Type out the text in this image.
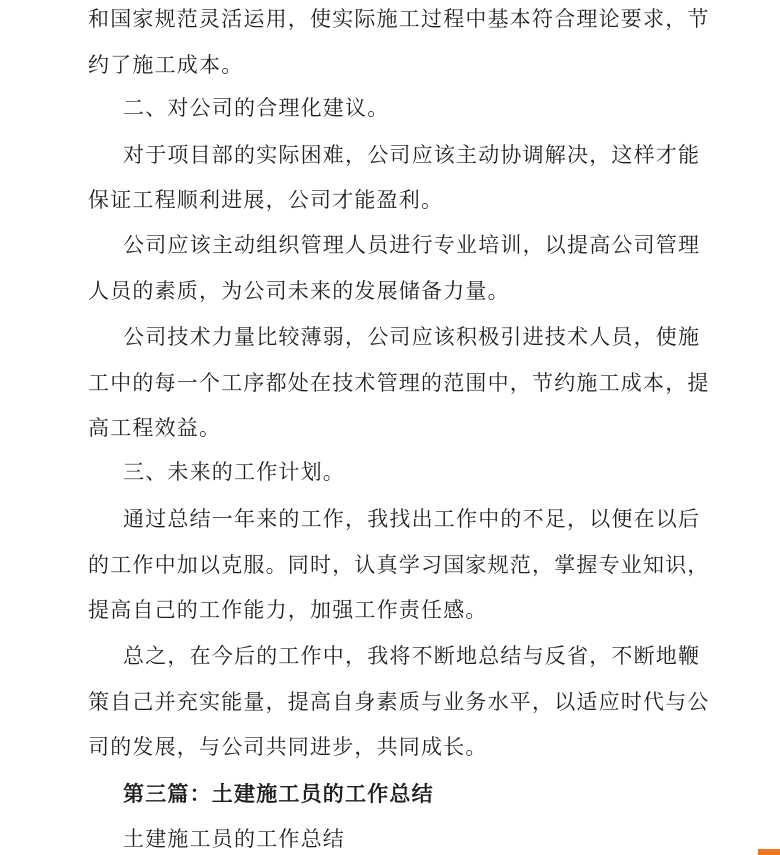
和国家规范灵活运用，使实际施工过程中基本符合理论要求，节
约了施工成本。
二、对公司的合理化建议。
对于项目部的实际困难，公司应该主动协调解决，这样才能
保证工程顺利进展，公司才能盈利。
公司应该主动组织管理人员进行专业培训，以提高公司管理
人员的素质，为公司未来的发展储备力量。
公司技术力量比较薄弱，公司应该积极引进技术人员，使施
工中的每一个工序都处在技术管理的范围中，节约施工成本，提
高工程效益。
三、未来的工作计划。
通过总结一年来的工作，我找出工作中的不足，以便在以后
的工作中加以克服。同时，认真学习国家规范，掌握专业知识，
提高自己的工作能力，加强工作责任感。
总之，在今后的工作中，我将不断地总结与反省，不断地鞭
策自己并充实能量，提高自身素质与业务水平，以适应时代与公
司的发展，与公司共同进步，共同成长。
第三篇：土建施工员的工作总结
土建施工员的工作总结
